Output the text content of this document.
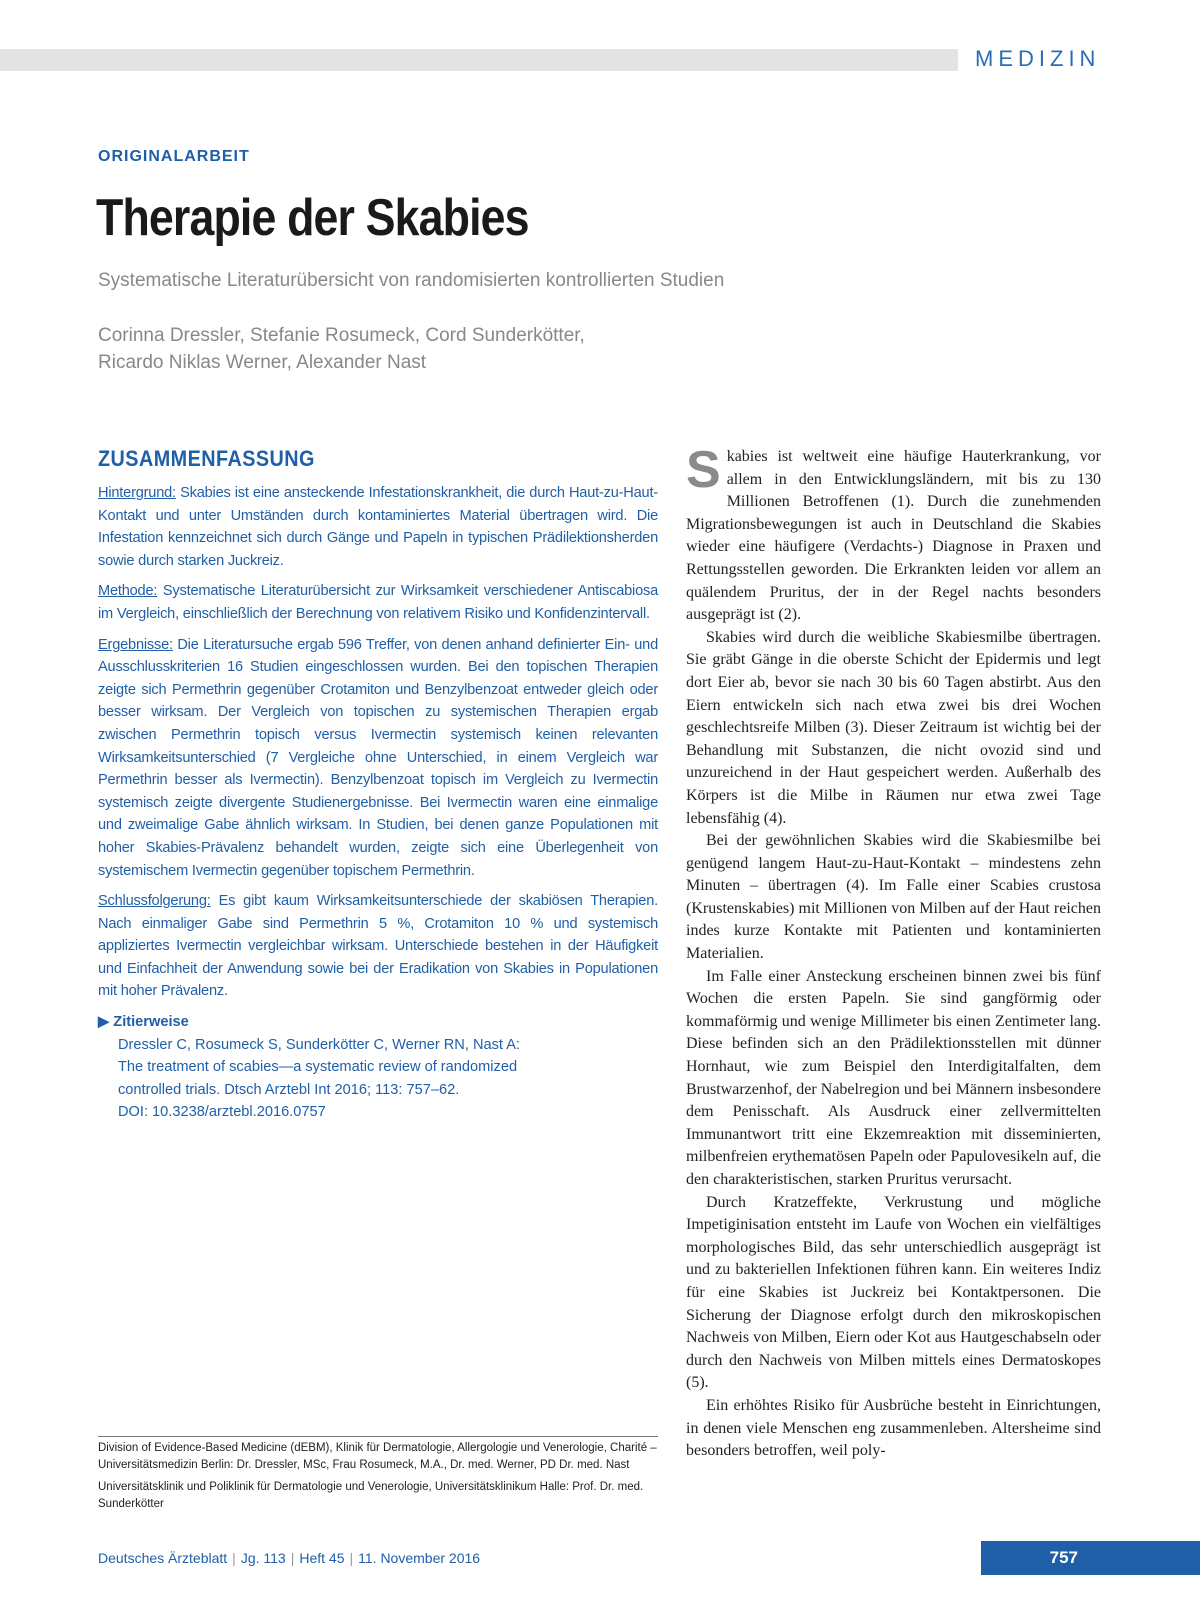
MEDIZIN
ORIGINALARBEIT
Therapie der Skabies
Systematische Literaturübersicht von randomisierten kontrollierten Studien
Corinna Dressler, Stefanie Rosumeck, Cord Sunderkötter,
Ricardo Niklas Werner, Alexander Nast
ZUSAMMENFASSUNG

Hintergrund: Skabies ist eine ansteckende Infestationskrankheit, die durch Haut-zu-Haut-Kontakt und unter Umständen durch kontaminiertes Material übertragen wird. Die Infestation kennzeichnet sich durch Gänge und Papeln in typischen Prädilektionsherden sowie durch starken Juckreiz.

Methode: Systematische Literaturübersicht zur Wirksamkeit verschiedener Antiscabiosa im Vergleich, einschließlich der Berechnung von relativem Risiko und Konfidenzintervall.

Ergebnisse: Die Literatursuche ergab 596 Treffer, von denen anhand definierter Ein- und Ausschlusskriterien 16 Studien eingeschlossen wurden. Bei den topischen Therapien zeigte sich Permethrin gegenüber Crotamiton und Benzylbenzoat entweder gleich oder besser wirksam. Der Vergleich von topischen zu systemischen Therapien ergab zwischen Permethrin topisch versus Ivermectin systemisch keinen relevanten Wirksamkeitsunterschied (7 Vergleiche ohne Unterschied, in einem Vergleich war Permethrin besser als Ivermectin). Benzylbenzoat topisch im Vergleich zu Ivermectin systemisch zeigte divergente Studienergebnisse. Bei Ivermectin waren eine einmalige und zweimalige Gabe ähnlich wirksam. In Studien, bei denen ganze Populationen mit hoher Skabies-Prävalenz behandelt wurden, zeigte sich eine Überlegenheit von systemischem Ivermectin gegenüber topischem Permethrin.

Schlussfolgerung: Es gibt kaum Wirksamkeitsunterschiede der skabiösen Therapien. Nach einmaliger Gabe sind Permethrin 5 %, Crotamiton 10 % und systemisch appliziertes Ivermectin vergleichbar wirksam. Unterschiede bestehen in der Häufigkeit und Einfachheit der Anwendung sowie bei der Eradikation von Skabies in Populationen mit hoher Prävalenz.

▶ Zitierweise
Dressler C, Rosumeck S, Sunderkötter C, Werner RN, Nast A:
The treatment of scabies—a systematic review of randomized
controlled trials. Dtsch Arztebl Int 2016; 113: 757–62.
DOI: 10.3238/arztebl.2016.0757

Division of Evidence-Based Medicine (dEBM), Klinik für Dermatologie, Allergologie und Venerologie, Charité – Universitätsmedizin Berlin: Dr. Dressler, MSc, Frau Rosumeck, M.A., Dr. med. Werner, PD Dr. med. Nast

Universitätsklinik und Poliklinik für Dermatologie und Venerologie, Universitätsklinikum Halle: Prof. Dr. med. Sunderkötter

Skabies ist weltweit eine häufige Hauterkrankung, vor allem in den Entwicklungsländern, mit bis zu 130 Millionen Betroffenen (1). Durch die zunehmenden Migrationsbewegungen ist auch in Deutschland die Skabies wieder eine häufigere (Verdachts-) Diagnose in Praxen und Rettungsstellen geworden. Die Erkrankten leiden vor allem an quälendem Pruritus, der in der Regel nachts besonders ausgeprägt ist (2).

Skabies wird durch die weibliche Skabiesmilbe übertragen. Sie gräbt Gänge in die oberste Schicht der Epidermis und legt dort Eier ab, bevor sie nach 30 bis 60 Tagen abstirbt. Aus den Eiern entwickeln sich nach etwa zwei bis drei Wochen geschlechtsreife Milben (3). Dieser Zeitraum ist wichtig bei der Behandlung mit Substanzen, die nicht ovozid sind und unzureichend in der Haut gespeichert werden. Außerhalb des Körpers ist die Milbe in Räumen nur etwa zwei Tage lebensfähig (4).

Bei der gewöhnlichen Skabies wird die Skabiesmilbe bei genügend langem Haut-zu-Haut-Kontakt – mindestens zehn Minuten – übertragen (4). Im Falle einer Scabies crustosa (Krustenskabies) mit Millionen von Milben auf der Haut reichen indes kurze Kontakte mit Patienten und kontaminierten Materialien.

Im Falle einer Ansteckung erscheinen binnen zwei bis fünf Wochen die ersten Papeln. Sie sind gangförmig oder kommaförmig und wenige Millimeter bis einen Zentimeter lang. Diese befinden sich an den Prädilektionsstellen mit dünner Hornhaut, wie zum Beispiel den Interdigitalfalten, dem Brustwarzenhof, der Nabelregion und bei Männern insbesondere dem Penisschaft. Als Ausdruck einer zellvermittelten Immunantwort tritt eine Ekzemreaktion mit disseminierten, milbenfreien erythematösen Papeln oder Papulovesikeln auf, die den charakteristischen, starken Pruritus verursacht.

Durch Kratzeffekte, Verkrustung und mögliche Impetiginisation entsteht im Laufe von Wochen ein vielfältiges morphologisches Bild, das sehr unterschiedlich ausgeprägt ist und zu bakteriellen Infektionen führen kann. Ein weiteres Indiz für eine Skabies ist Juckreiz bei Kontaktpersonen. Die Sicherung der Diagnose erfolgt durch den mikroskopischen Nachweis von Milben, Eiern oder Kot aus Hautgeschabseln oder durch den Nachweis von Milben mittels eines Dermatoskopes (5).

Ein erhöhtes Risiko für Ausbrüche besteht in Einrichtungen, in denen viele Menschen eng zusammenleben. Altersheime sind besonders betroffen, weil poly-

Deutsches Ärzteblatt | Jg. 113 | Heft 45 | 11. November 2016	757
